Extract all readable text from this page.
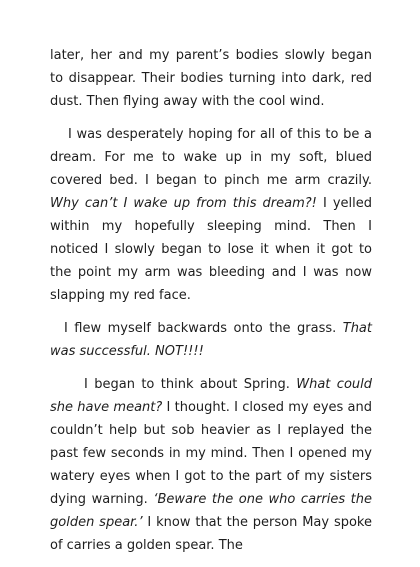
later, her and my parent’s bodies slowly began to disappear. Their bodies turning into dark, red dust. Then flying away with the cool wind.

I was desperately hoping for all of this to be a dream. For me to wake up in my soft, blued covered bed. I began to pinch me arm crazily. Why can’t I wake up from this dream?! I yelled within my hopefully sleeping mind. Then I noticed I slowly began to lose it when it got to the point my arm was bleeding and I was now slapping my red face.

I flew myself backwards onto the grass. That was successful. NOT!!!!

I began to think about Spring. What could she have meant? I thought. I closed my eyes and couldn’t help but sob heavier as I replayed the past few seconds in my mind. Then I opened my watery eyes when I got to the part of my sisters dying warning. ‘Beware the one who carries the golden spear.’ I know that the person May spoke of carries a golden spear. The
